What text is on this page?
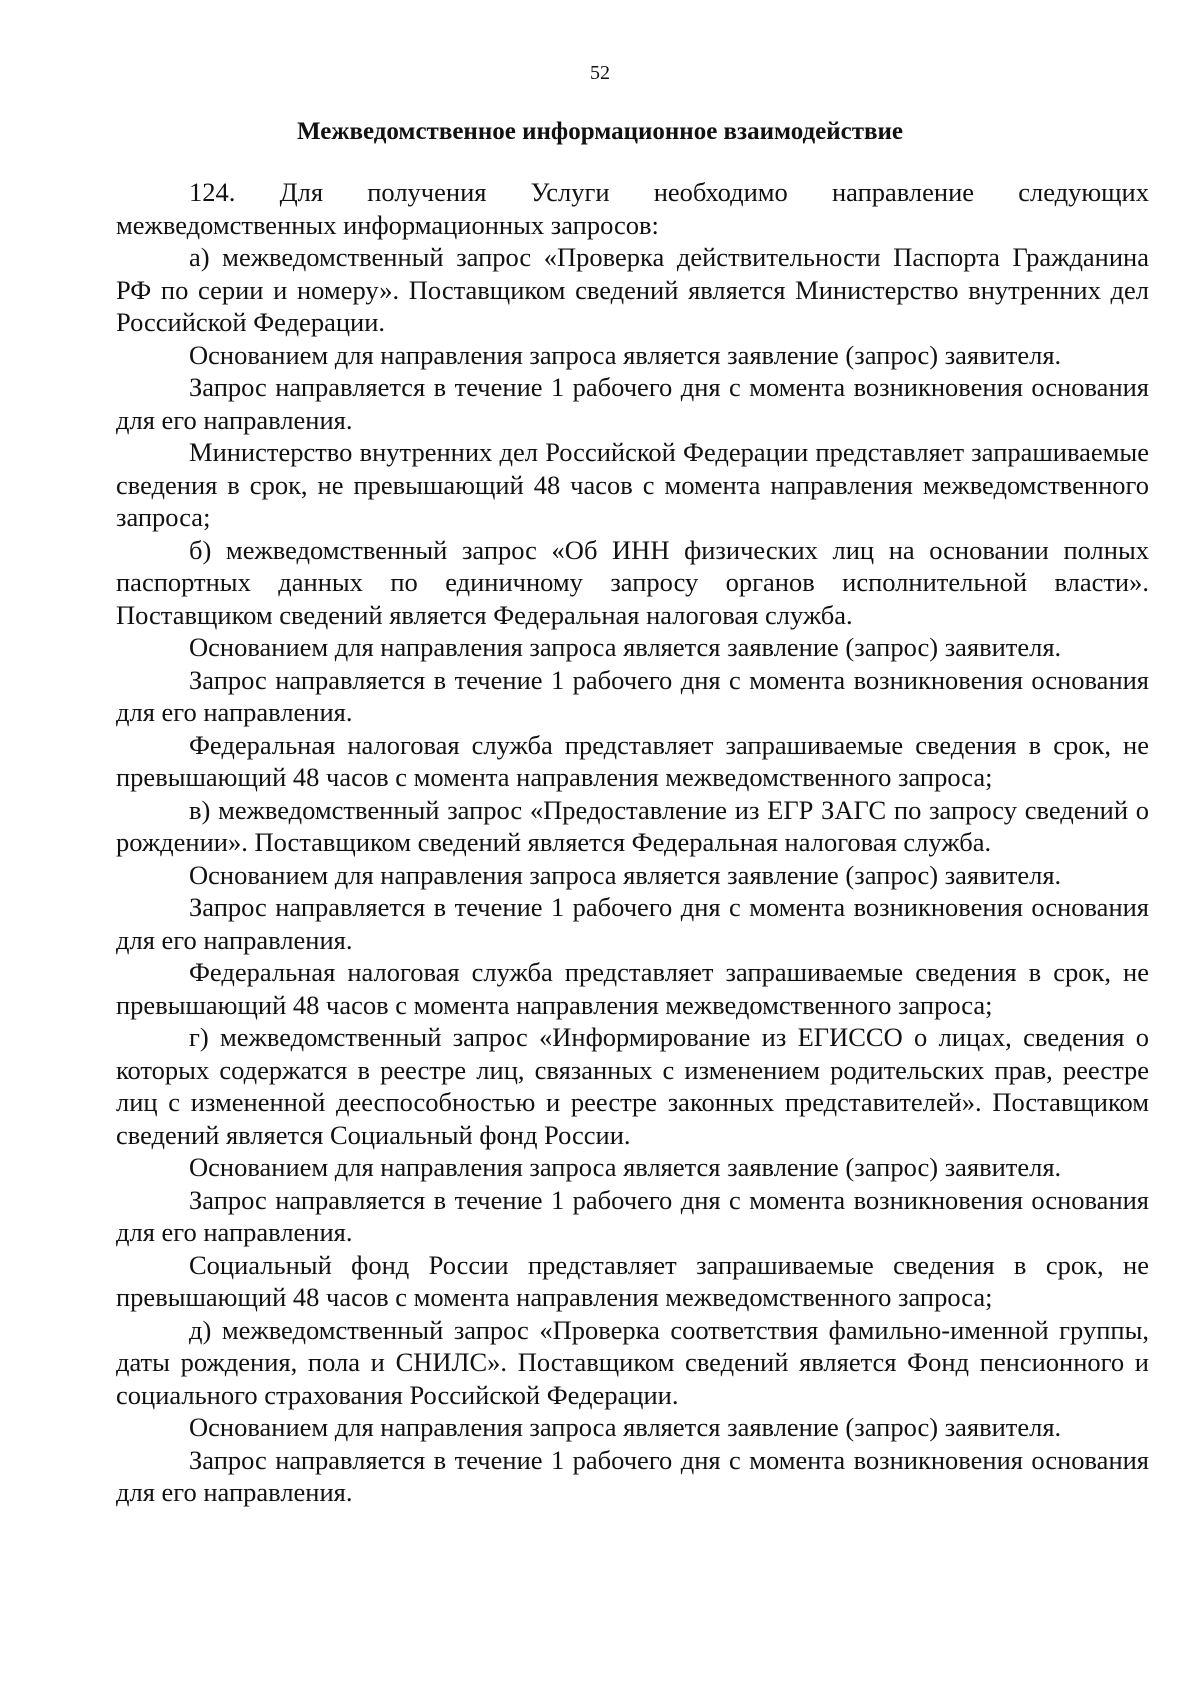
52
Межведомственное информационное взаимодействие

124. Для получения Услуги необходимо направление следующих межведомственных информационных запросов:

а) межведомственный запрос «Проверка действительности Паспорта Гражданина РФ по серии и номеру». Поставщиком сведений является Министерство внутренних дел Российской Федерации.

Основанием для направления запроса является заявление (запрос) заявителя.

Запрос направляется в течение 1 рабочего дня с момента возникновения основания для его направления.

Министерство внутренних дел Российской Федерации представляет запрашиваемые сведения в срок, не превышающий 48 часов с момента направления межведомственного запроса;

б) межведомственный запрос «Об ИНН физических лиц на основании полных паспортных данных по единичному запросу органов исполнительной власти». Поставщиком сведений является Федеральная налоговая служба.

Основанием для направления запроса является заявление (запрос) заявителя.

Запрос направляется в течение 1 рабочего дня с момента возникновения основания для его направления.

Федеральная налоговая служба представляет запрашиваемые сведения в срок, не превышающий 48 часов с момента направления межведомственного запроса;

в) межведомственный запрос «Предоставление из ЕГР ЗАГС по запросу сведений о рождении». Поставщиком сведений является Федеральная налоговая служба.

Основанием для направления запроса является заявление (запрос) заявителя.

Запрос направляется в течение 1 рабочего дня с момента возникновения основания для его направления.

Федеральная налоговая служба представляет запрашиваемые сведения в срок, не превышающий 48 часов с момента направления межведомственного запроса;

г) межведомственный запрос «Информирование из ЕГИССО о лицах, сведения о которых содержатся в реестре лиц, связанных с изменением родительских прав, реестре лиц с измененной дееспособностью и реестре законных представителей». Поставщиком сведений является Социальный фонд России.

Основанием для направления запроса является заявление (запрос) заявителя.

Запрос направляется в течение 1 рабочего дня с момента возникновения основания для его направления.

Социальный фонд России представляет запрашиваемые сведения в срок, не превышающий 48 часов с момента направления межведомственного запроса;

д) межведомственный запрос «Проверка соответствия фамильно-именной группы, даты рождения, пола и СНИЛС». Поставщиком сведений является Фонд пенсионного и социального страхования Российской Федерации.

Основанием для направления запроса является заявление (запрос) заявителя.

Запрос направляется в течение 1 рабочего дня с момента возникновения основания для его направления.
